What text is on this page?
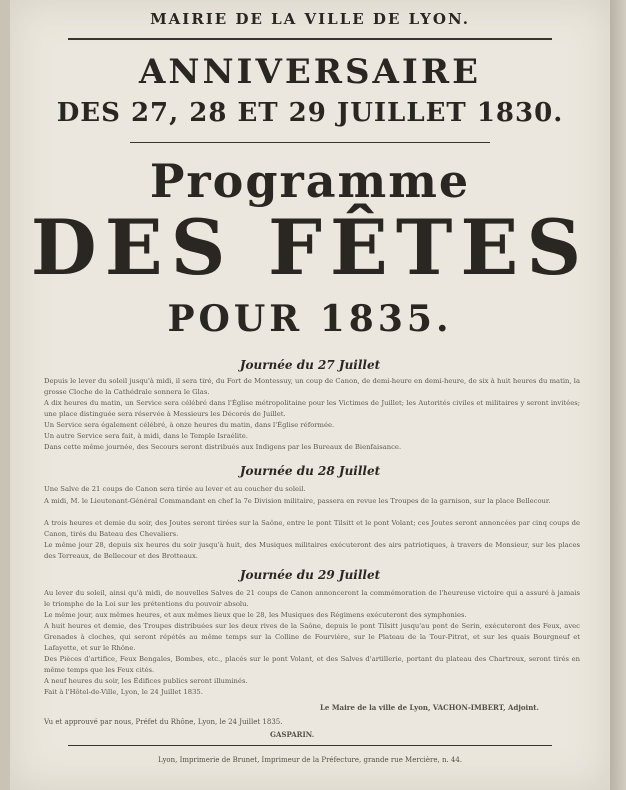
MAIRIE DE LA VILLE DE LYON.
ANNIVERSAIRE
DES 27, 28 ET 29 JUILLET 1830.
Programme
DES FÊTES
POUR 1835.
Journée du 27 Juillet
Depuis le lever du soleil jusqu'à midi, il sera tiré, du Fort de Montessuy, un coup de Canon, de demi-heure en demi-heure, de six à huit heures du matin, la grosse Cloche de la Cathédrale sonnera le Glas.
A dix heures du matin, un Service sera célébré dans l'Église métropolitaine pour les Victimes de Juillet; les Autorités civiles et militaires y seront invitées; une place distinguée sera réservée à Messieurs les Décorés de Juillet.
Un Service sera également célébré, à onze heures du matin, dans l'Église réformée.
Un autre Service sera fait, à midi, dans le Temple Israélite.
Dans cette même journée, des Secours seront distribués aux Indigens par les Bureaux de Bienfaisance.
Journée du 28 Juillet
Une Salve de 21 coups de Canon sera tirée au lever et au coucher du soleil.
A midi, M. le Lieutenant-Général Commandant en chef la 7e Division militaire, passera en revue les Troupes de la garnison, sur la place Bellecour.
A trois heures et demie du soir, des Joutes seront tirées sur la Saône, entre le pont Tilsitt et le pont Volant; ces Joutes seront annoncées par cinq coups de Canon, tirés du Bateau des Chevaliers.
Le même jour 28, depuis six heures du soir jusqu'à huit, des Musiques militaires exécuteront des airs patriotiques, à travers de Monsieur, sur les places des Terreaux, de Bellecour et des Brotteaux.
Journée du 29 Juillet
Au lever du soleil, ainsi qu'à midi, de nouvelles Salves de 21 coups de Canon annonceront la commémoration de l'heureuse victoire qui a assuré à jamais le triomphe de la Loi sur les prétentions du pouvoir absolu.
Le même jour, aux mêmes heures, et aux mêmes lieux que le 28, les Musiques des Régimens exécuteront des symphonies.
A huit heures et demie, des Troupes distribuées sur les deux rives de la Saône, depuis le pont Tilsitt jusqu'au pont de Serin, exécuteront des Feux, avec Grenades à cloches, qui seront répétés au même temps sur la Colline de Fourvière, sur le Plateau de la Tour-Pitrat, et sur les quais Bourgneuf et Lafayette, et sur le Rhône.
Des Pièces d'artifice, Feux Bengales, Bombes, etc., placés sur le pont Volant, et des Salves d'artillerie, portant du plateau des Chartreux, seront tirés en même temps que les Feux cités.
A neuf heures du soir, les Édifices publics seront illuminés.
Fait à l'Hôtel-de-Ville, Lyon, le 24 Juillet 1835.
Le Maire de la ville de Lyon, VACHON-IMBERT, Adjoint.
Vu et approuvé par nous, Préfet du Rhône, Lyon, le 24 Juillet 1835.
GASPARIN.
Lyon, Imprimerie de Brunet, Imprimeur de la Préfecture, grande rue Mercière, n. 44.
